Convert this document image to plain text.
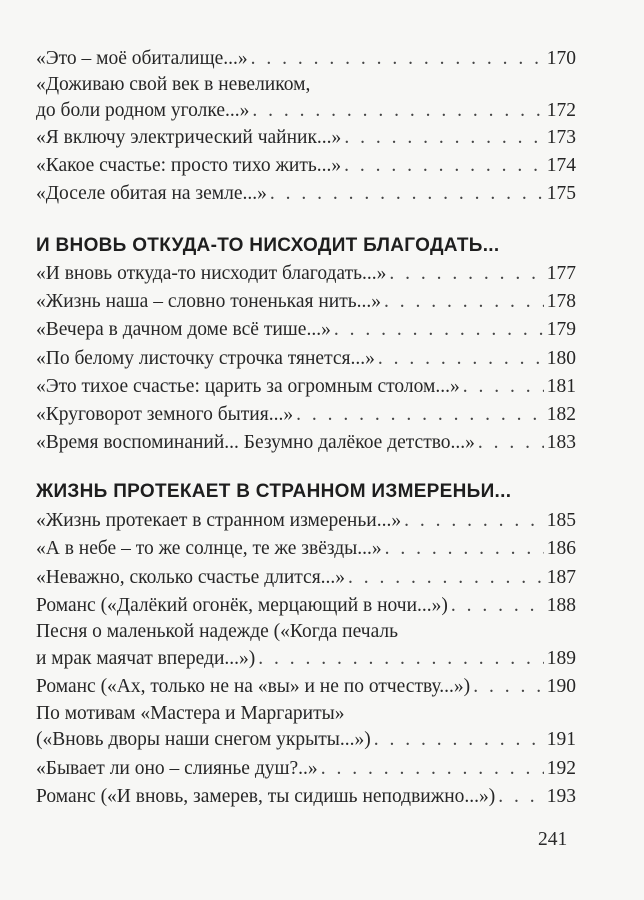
«Это – моё обиталище...» . . .	170
«Доживаю свой век в невеликом,
до боли родном уголке...» . . .	172
«Я включу электрический чайник...» . . .	173
«Какое счастье: просто тихо жить...» . . .	174
«Доселе обитая на земле...» . . .	175
И ВНОВЬ ОТКУДА-ТО НИСХОДИТ БЛАГОДАТЬ...
«И вновь откуда-то нисходит благодать...» . . .	177
«Жизнь наша – словно тоненькая нить...» . . .	178
«Вечера в дачном доме всё тише...» . . .	179
«По белому листочку строчка тянется...» . . .	180
«Это тихое счастье: царить за огромным столом...» . . .	181
«Круговорот земного бытия...» . . .	182
«Время воспоминаний... Безумно далёкое детство...» . . .	183
ЖИЗНЬ ПРОТЕКАЕТ В СТРАННОМ ИЗМЕРЕНЬИ...
«Жизнь протекает в странном измереньи...» . . .	185
«А в небе – то же солнце, те же звёзды...» . . .	186
«Неважно, сколько счастье длится...» . . .	187
Романс («Далёкий огонёк, мерцающий в ночи...») . . .	188
Песня о маленькой надежде («Когда печаль
и мрак маячат впереди...») . . .	189
Романс («Ах, только не на «вы» и не по отчеству...») . . .	190
По мотивам «Мастера и Маргариты»
(«Вновь дворы наши снегом укрыты...») . . .	191
«Бывает ли оно – слиянье душ?..» . . .	192
Романс («И вновь, замерев, ты сидишь неподвижно...») . . .	193
241
